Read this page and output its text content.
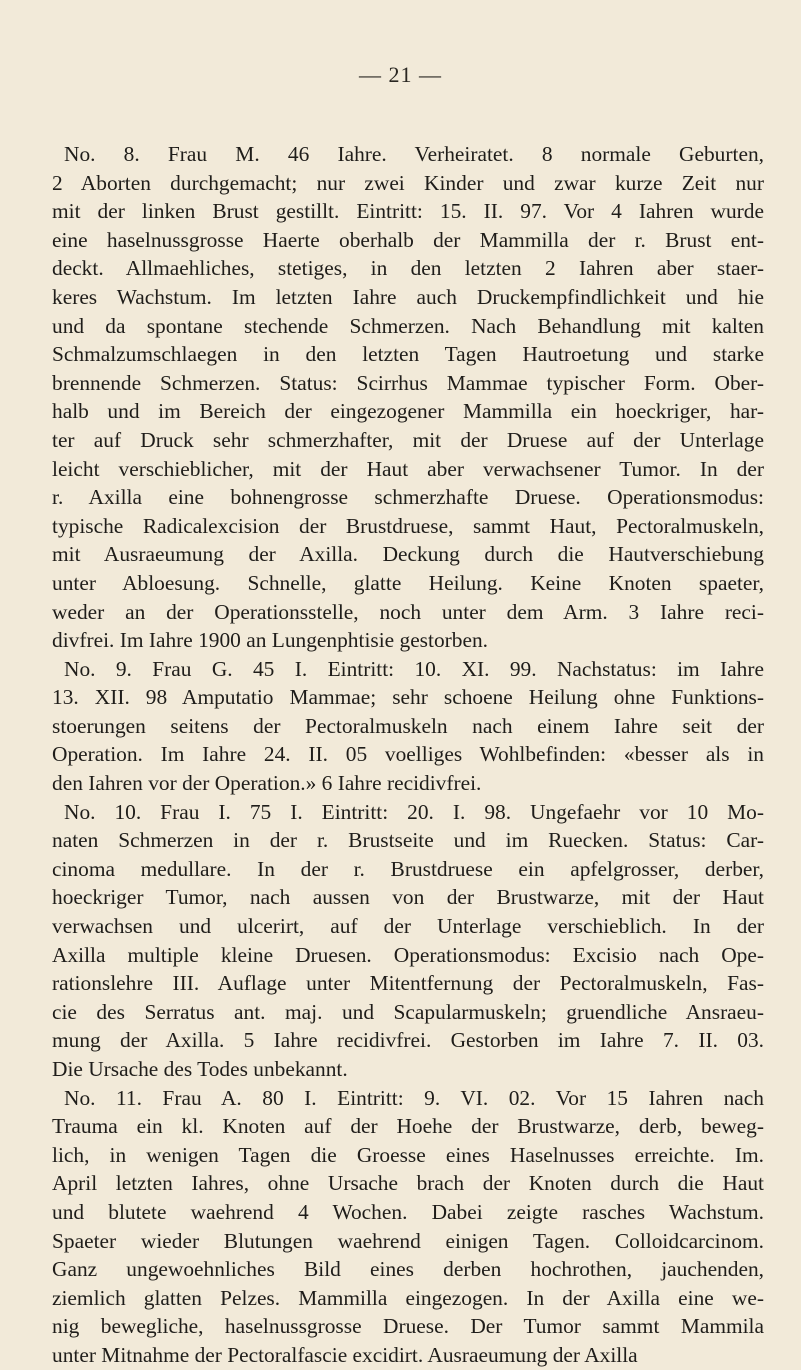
— 21 —
No. 8. Frau M. 46 Iahre. Verheiratet. 8 normale Geburten,
2 Aborten durchgemacht; nur zwei Kinder und zwar kurze Zeit nur
mit der linken Brust gestillt. Eintritt: 15. II. 97. Vor 4 Iahren wurde
eine haselnussgrosse Haerte oberhalb der Mammilla der r. Brust ent-
deckt. Allmaehliches, stetiges, in den letzten 2 Iahren aber staer-
keres Wachstum. Im letzten Iahre auch Druckempfindlichkeit und hie
und da spontane stechende Schmerzen. Nach Behandlung mit kalten
Schmalzumschlaegen in den letzten Tagen Hautroetung und starke
brennende Schmerzen. Status: Scirrhus Mammae typischer Form. Ober-
halb und im Bereich der eingezogener Mammilla ein hoeckriger, har-
ter auf Druck sehr schmerzhafter, mit der Druese auf der Unterlage
leicht verschieblicher, mit der Haut aber verwachsener Tumor. In der
r. Axilla eine bohnengrosse schmerzhafte Druese. Operationsmodus:
typische Radicalexcision der Brustdruese, sammt Haut, Pectoralmuskeln,
mit Ausraeumung der Axilla. Deckung durch die Hautverschiebung
unter Abloesung. Schnelle, glatte Heilung. Keine Knoten spaeter,
weder an der Operationsstelle, noch unter dem Arm. 3 Iahre reci-
divfrei. Im Iahre 1900 an Lungenphtisie gestorben.
No. 9. Frau G. 45 I. Eintritt: 10. XI. 99. Nachstatus: im Iahre
13. XII. 98 Amputatio Mammae; sehr schoene Heilung ohne Funktions-
stoerungen seitens der Pectoralmuskeln nach einem Iahre seit der
Operation. Im Iahre 24. II. 05 voelliges Wohlbefinden: «besser als in
den Iahren vor der Operation.» 6 Iahre recidivfrei.
No. 10. Frau I. 75 I. Eintritt: 20. I. 98. Ungefaehr vor 10 Mo-
naten Schmerzen in der r. Brustseite und im Ruecken. Status: Car-
cinoma medullare. In der r. Brustdruese ein apfelgrosser, derber,
hoeckriger Tumor, nach aussen von der Brustwarze, mit der Haut
verwachsen und ulcerirt, auf der Unterlage verschieblich. In der
Axilla multiple kleine Druesen. Operationsmodus: Excisio nach Ope-
rationslehre III. Auflage unter Mitentfernung der Pectoralmuskeln, Fas-
cie des Serratus ant. maj. und Scapularmuskeln; gruendliche Ansraeu-
mung der Axilla. 5 Iahre recidivfrei. Gestorben im Iahre 7. II. 03.
Die Ursache des Todes unbekannt.
No. 11. Frau A. 80 I. Eintritt: 9. VI. 02. Vor 15 Iahren nach
Trauma ein kl. Knoten auf der Hoehe der Brustwarze, derb, beweg-
lich, in wenigen Tagen die Groesse eines Haselnusses erreichte. Im.
April letzten Iahres, ohne Ursache brach der Knoten durch die Haut
und blutete waehrend 4 Wochen. Dabei zeigte rasches Wachstum.
Spaeter wieder Blutungen waehrend einigen Tagen. Colloidcarcinom.
Ganz ungewoehnliches Bild eines derben hochrothen, jauchenden,
ziemlich glatten Pelzes. Mammilla eingezogen. In der Axilla eine we-
nig bewegliche, haselnussgrosse Druese. Der Tumor sammt Mammila
unter Mitnahme der Pectoralfascie excidirt. Ausraeumung der Axilla
